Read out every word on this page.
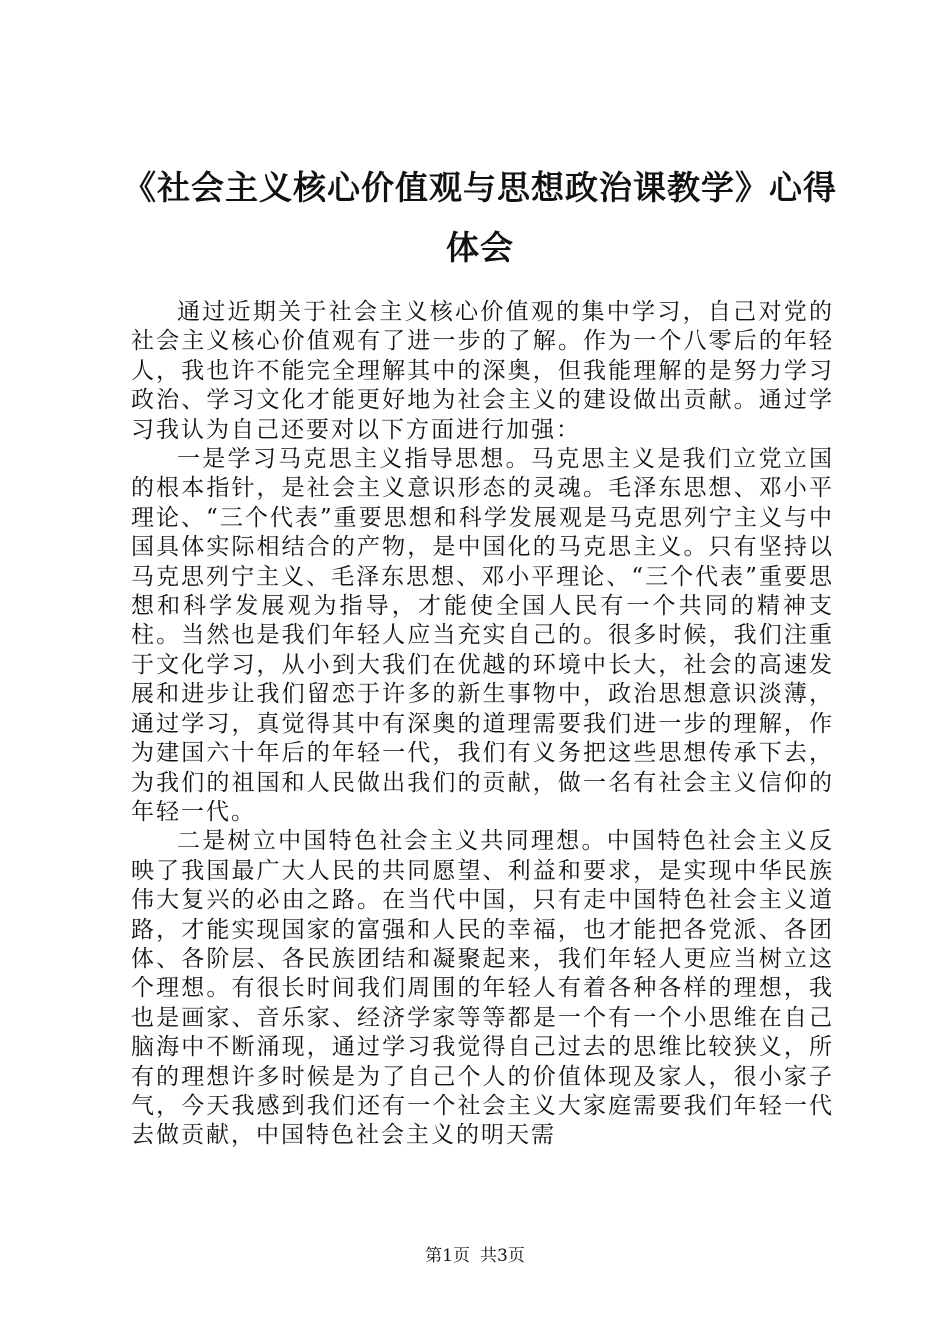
《社会主义核心价值观与思想政治课教学》心得体会

通过近期关于社会主义核心价值观的集中学习，自己对党的社会主义核心价值观有了进一步的了解。作为一个八零后的年轻人，我也许不能完全理解其中的深奥，但我能理解的是努力学习政治、学习文化才能更好地为社会主义的建设做出贡献。通过学习我认为自己还要对以下方面进行加强：

一是学习马克思主义指导思想。马克思主义是我们立党立国的根本指针，是社会主义意识形态的灵魂。毛泽东思想、邓小平理论、“三个代表”重要思想和科学发展观是马克思列宁主义与中国具体实际相结合的产物，是中国化的马克思主义。只有坚持以马克思列宁主义、毛泽东思想、邓小平理论、“三个代表”重要思想和科学发展观为指导，才能使全国人民有一个共同的精神支柱。当然也是我们年轻人应当充实自己的。很多时候，我们注重于文化学习，从小到大我们在优越的环境中长大，社会的高速发展和进步让我们留恋于许多的新生事物中，政治思想意识淡薄，通过学习，真觉得其中有深奥的道理需要我们进一步的理解，作为建国六十年后的年轻一代，我们有义务把这些思想传承下去，为我们的祖国和人民做出我们的贡献，做一名有社会主义信仰的年轻一代。

二是树立中国特色社会主义共同理想。中国特色社会主义反映了我国最广大人民的共同愿望、利益和要求，是实现中华民族伟大复兴的必由之路。在当代中国，只有走中国特色社会主义道路，才能实现国家的富强和人民的幸福，也才能把各党派、各团体、各阶层、各民族团结和凝聚起来，我们年轻人更应当树立这个理想。有很长时间我们周围的年轻人有着各种各样的理想，我也是画家、音乐家、经济学家等等都是一个有一个小思维在自己脑海中不断涌现，通过学习我觉得自己过去的思维比较狭义，所有的理想许多时候是为了自己个人的价值体现及家人，很小家子气，今天我感到我们还有一个社会主义大家庭需要我们年轻一代去做贡献，中国特色社会主义的明天需

第1页 共3页
